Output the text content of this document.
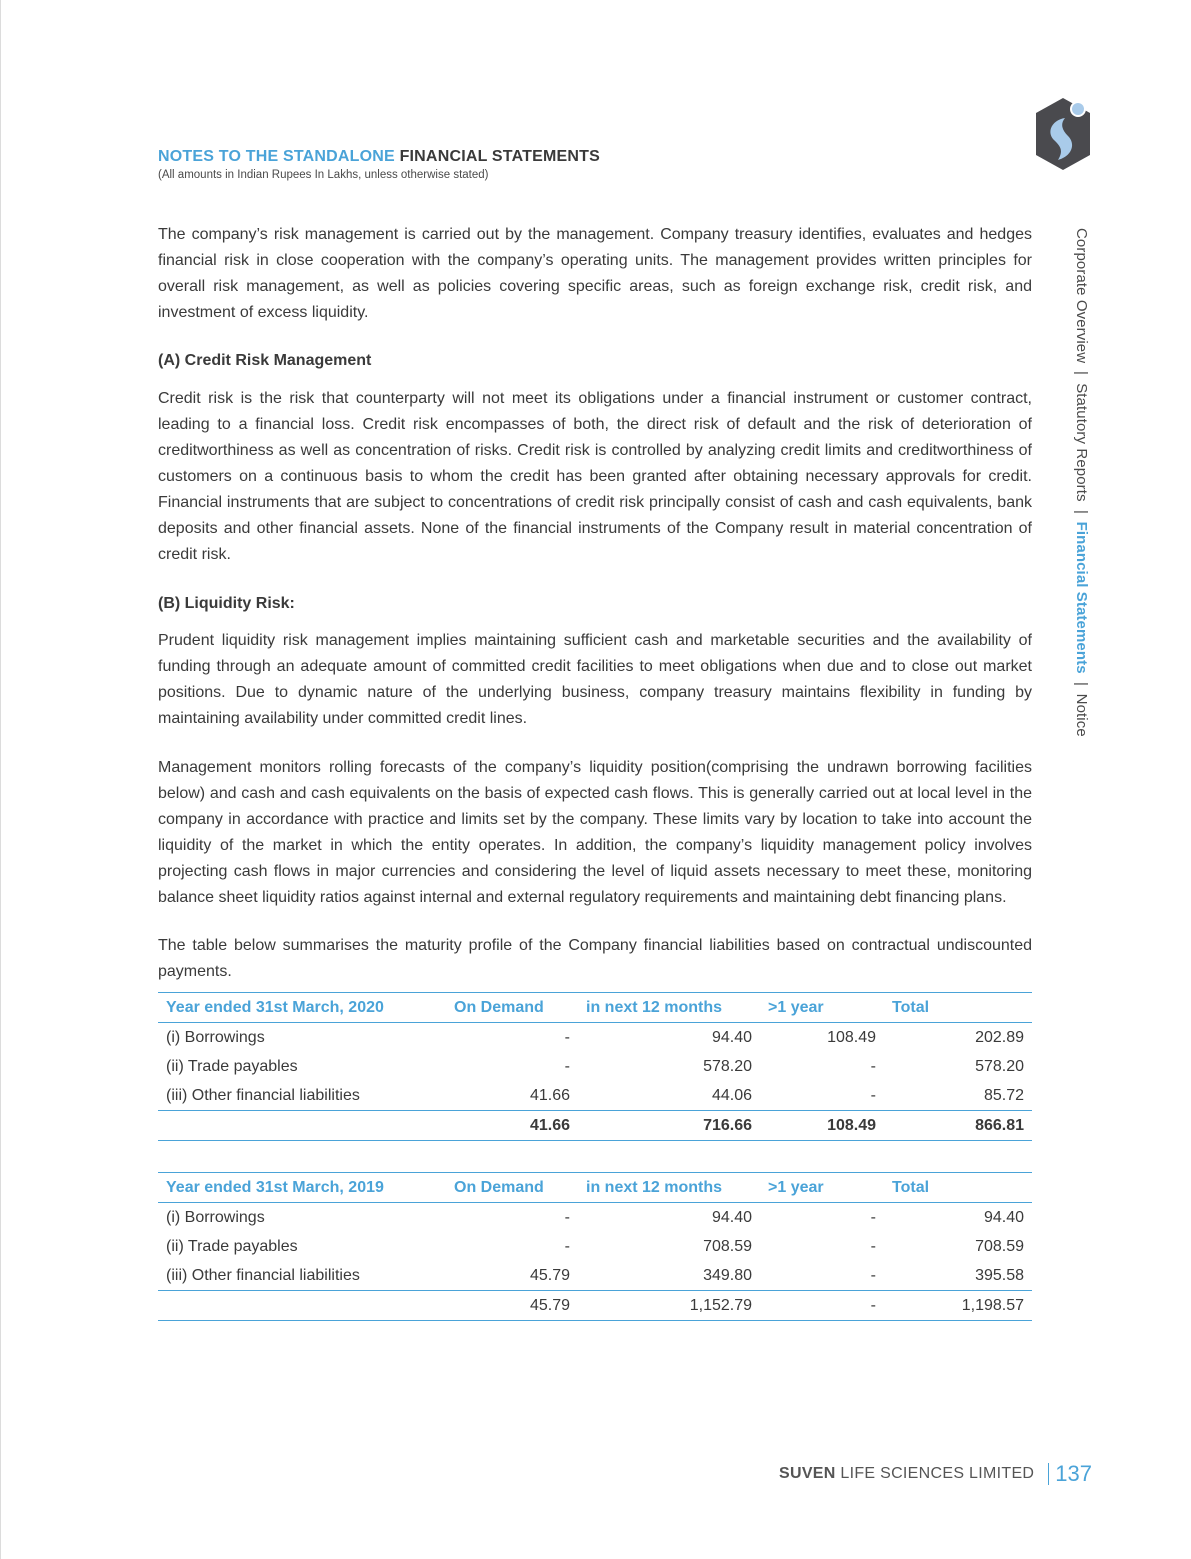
NOTES TO THE STANDALONE FINANCIAL STATEMENTS
(All amounts in Indian Rupees In Lakhs, unless otherwise stated)
Corporate Overview|Statutory Reports|Financial Statements|Notice

The company’s risk management is carried out by the management. Company treasury identifies, evaluates and hedges financial risk in close cooperation with the company’s operating units. The management provides written principles for overall risk management, as well as policies covering specific areas, such as foreign exchange risk, credit risk, and investment of excess liquidity.

(A) Credit Risk Management

Credit risk is the risk that counterparty will not meet its obligations under a financial instrument or customer contract, leading to a financial loss. Credit risk encompasses of both, the direct risk of default and the risk of deterioration of creditworthiness as well as concentration of risks. Credit risk is controlled by analyzing credit limits and creditworthiness of customers on a continuous basis to whom the credit has been granted after obtaining necessary approvals for credit. Financial instruments that are subject to concentrations of credit risk principally consist of cash and cash equivalents, bank deposits and other financial assets. None of the financial instruments of the Company result in material concentration of credit risk.

(B) Liquidity Risk:

Prudent liquidity risk management implies maintaining sufficient cash and marketable securities and the availability of funding through an adequate amount of committed credit facilities to meet obligations when due and to close out market positions. Due to dynamic nature of the underlying business, company treasury maintains flexibility in funding by maintaining availability under committed credit lines.

Management monitors rolling forecasts of the company’s liquidity position(comprising the undrawn borrowing facilities below) and cash and cash equivalents on the basis of expected cash flows. This is generally carried out at local level in the company in accordance with practice and limits set by the company. These limits vary by location to take into account the liquidity of the market in which the entity operates. In addition, the company’s liquidity management policy involves projecting cash flows in major currencies and considering the level of liquid assets necessary to meet these, monitoring balance sheet liquidity ratios against internal and external regulatory requirements and maintaining debt financing plans.

The table below summarises the maturity profile of the Company financial liabilities based on contractual undiscounted payments.

Year ended 31st March, 2020	On Demand	in next 12 months	>1 year	Total
(i) Borrowings	-	94.40	108.49	202.89
(ii) Trade payables	-	578.20	-	578.20
(iii) Other financial liabilities	41.66	44.06	-	85.72
	41.66	716.66	108.49	866.81
Year ended 31st March, 2019	On Demand	in next 12 months	>1 year	Total
(i) Borrowings	-	94.40	-	94.40
(ii) Trade payables	-	708.59	-	708.59
(iii) Other financial liabilities	45.79	349.80	-	395.58
	45.79	1,152.79	-	1,198.57
SUVEN LIFE SCIENCES LIMITED 137
